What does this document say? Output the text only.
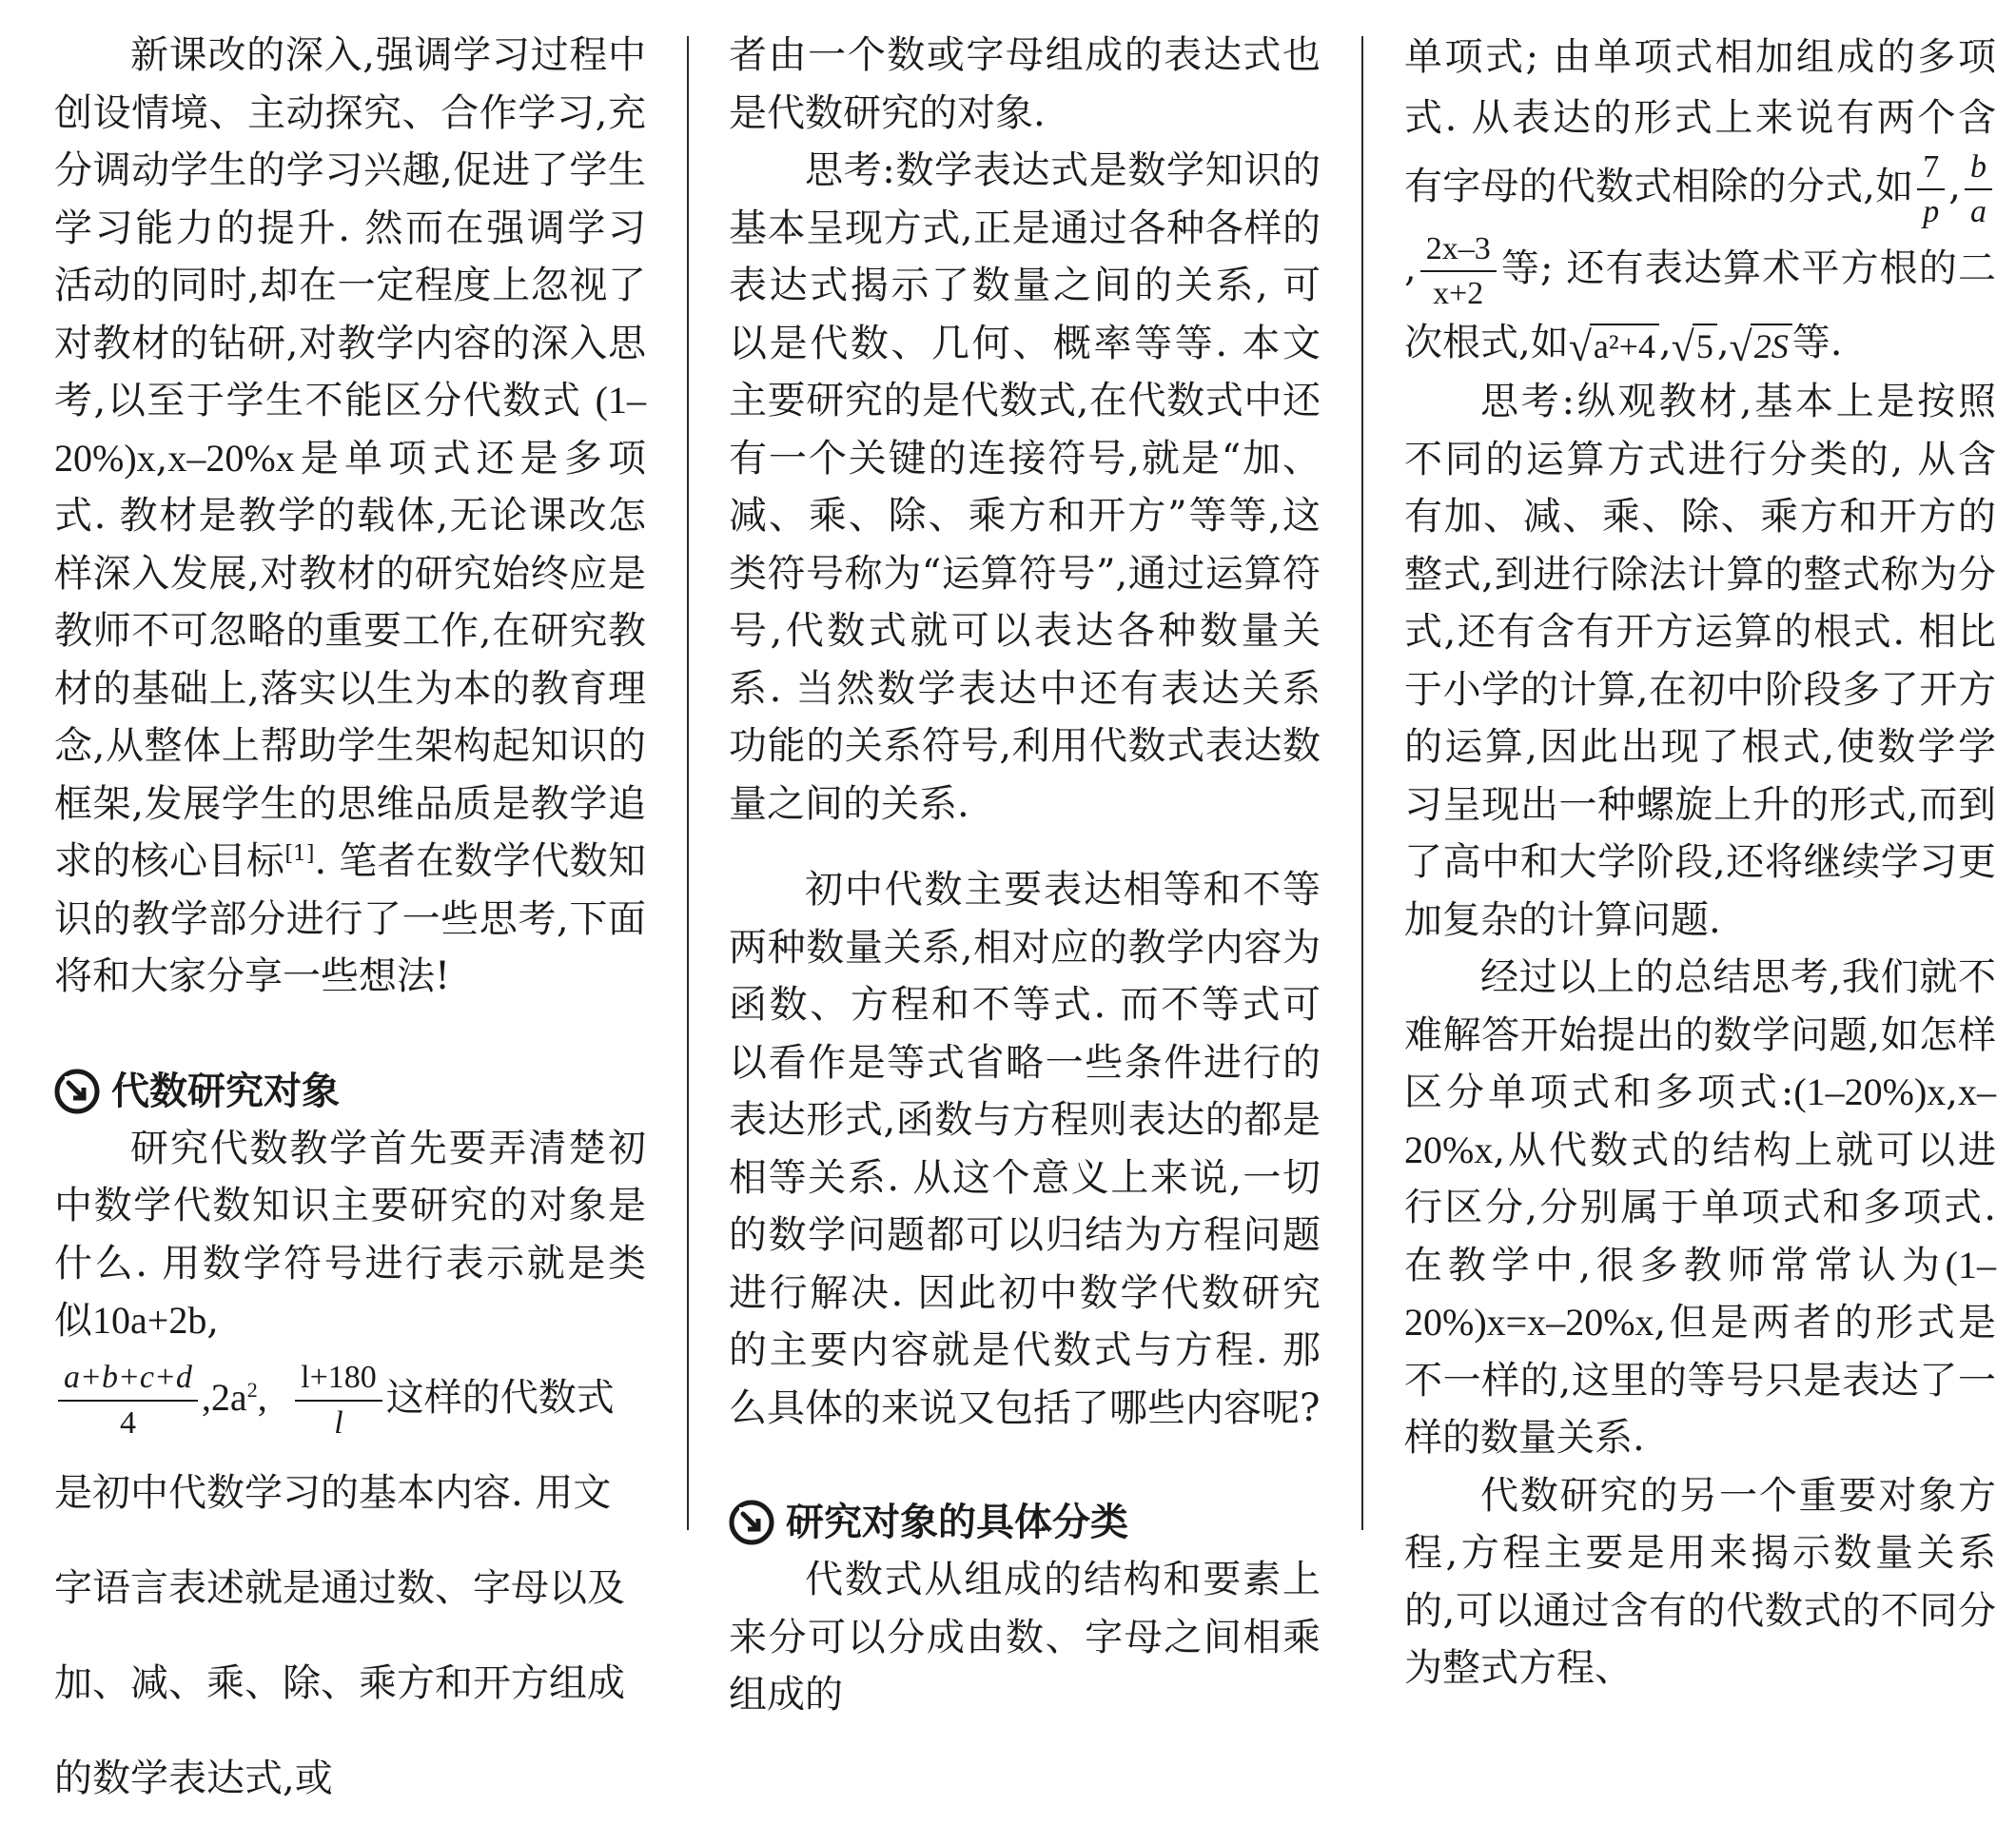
新课改的深入,强调学习过程中创设情境、主动探究、合作学习,充分调动学生的学习兴趣,促进了学生学习能力的提升. 然而在强调学习活动的同时,却在一定程度上忽视了对教材的钻研,对教学内容的深入思考,以至于学生不能区分代数式 (1–20%)x,x–20%x是单项式还是多项式. 教材是教学的载体,无论课改怎样深入发展,对教材的研究始终应是教师不可忽略的重要工作,在研究教材的基础上,落实以生为本的教育理念,从整体上帮助学生架构起知识的框架,发展学生的思维品质是教学追求的核心目标[1]. 笔者在数学代数知识的教学部分进行了一些思考,下面将和大家分享一些想法!

代数研究对象

研究代数教学首先要弄清楚初中数学代数知识主要研究的对象是什么. 用数学符号进行表示就是类似10a+2b,

$\frac{a+b+c+d}{4} ,2a^2$, $\frac{l+180}{l}$ 这样的代数式是初中代数学习的基本内容. 用文字语言表述就是通过数、字母以及加、减、乘、除、乘方和开方组成的数学表达式,或

者由一个数或字母组成的表达式也是代数研究的对象.

思考:数学表达式是数学知识的基本呈现方式,正是通过各种各样的表达式揭示了数量之间的关系, 可以是代数、几何、概率等等. 本文主要研究的是代数式,在代数式中还有一个关键的连接符号,就是“加、减、乘、除、乘方和开方”等等,这类符号称为“运算符号”,通过运算符号,代数式就可以表达各种数量关系. 当然数学表达中还有表达关系功能的关系符号,利用代数式表达数量之间的关系.

初中代数主要表达相等和不等两种数量关系,相对应的教学内容为函数、方程和不等式. 而不等式可以看作是等式省略一些条件进行的表达形式,函数与方程则表达的都是相等关系. 从这个意义上来说,一切的数学问题都可以归结为方程问题进行解决. 因此初中数学代数研究的主要内容就是代数式与方程. 那么具体的来说又包括了哪些内容呢?

研究对象的具体分类

代数式从组成的结构和要素上来分可以分成由数、字母之间相乘组成的

单项式; 由单项式相加组成的多项式. 从表达的形式上来说有两个含有字母的代数式相除的分式,如 $\frac{7}{p}$ , $\frac{b}{a}$
, $\frac{2x-3}{x+2}$ 等; 还有表达算术平方根的二次根式,如 √ a²+4 , √ 5 , √ 2S 等.

思考:纵观教材,基本上是按照不同的运算方式进行分类的, 从含有加、减、乘、除、乘方和开方的整式,到进行除法计算的整式称为分式,还有含有开方运算的根式. 相比于小学的计算,在初中阶段多了开方的运算,因此出现了根式,使数学学习呈现出一种螺旋上升的形式,而到了高中和大学阶段,还将继续学习更加复杂的计算问题.

经过以上的总结思考,我们就不难解答开始提出的数学问题,如怎样区分单项式和多项式:(1–20%)x,x–20%x,从代数式的结构上就可以进行区分,分别属于单项式和多项式. 在教学中,很多教师常常认为(1–20%)x=x–20%x,但是两者的形式是不一样的,这里的等号只是表达了一样的数量关系.

代数研究的另一个重要对象方程,方程主要是用来揭示数量关系的,可以通过含有的代数式的不同分为整式方程、
